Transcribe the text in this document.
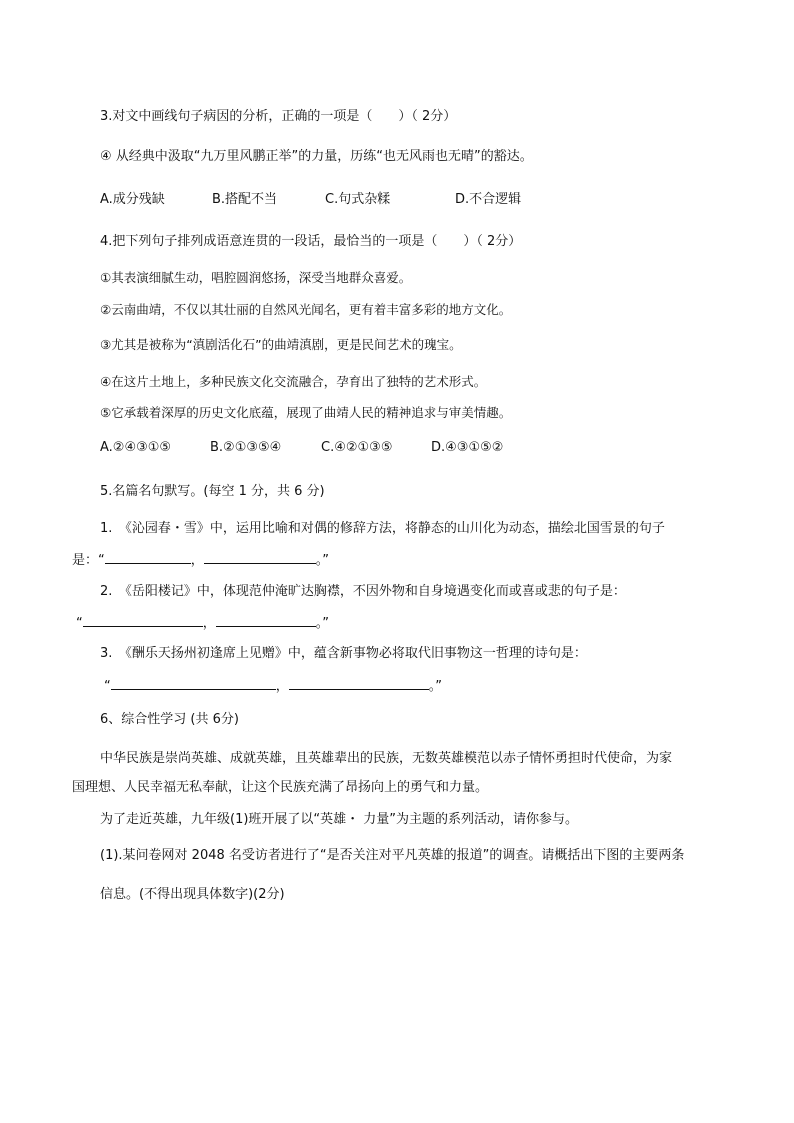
3.对文中画线句子病因的分析，正确的一项是（　　）（ 2分）
④ 从经典中汲取“九万里风鹏正举”的力量，历练“也无风雨也无晴”的豁达。
A.成分残缺	B.搭配不当	C.句式杂糅	D.不合逻辑
4.把下列句子排列成语意连贯的一段话，最恰当的一项是（　　）（ 2分）
①其表演细腻生动，唱腔圆润悠扬，深受当地群众喜爱。
②云南曲靖，不仅以其壮丽的自然风光闻名，更有着丰富多彩的地方文化。
③尤其是被称为“滇剧活化石”的曲靖滇剧，更是民间艺术的瑰宝。
④在这片土地上，多种民族文化交流融合，孕育出了独特的艺术形式。
⑤它承载着深厚的历史文化底蕴，展现了曲靖人民的精神追求与审美情趣。
A.②④③①⑤	B.②①③⑤④	C.④②①③⑤	D.④③①⑤②
5.名篇名句默写。(每空 1 分，共 6 分)
1.　《沁园春・雪》中，运用比喻和对偶的修辞方法，将静态的山川化为动态，描绘北国雪景的句子
是：“	，	。”
2.　《岳阳楼记》中，体现范仲淹旷达胸襟，不因外物和自身境遇变化而或喜或悲的句子是：
“	，	。”
3.　《酬乐天扬州初逢席上见赠》中，蕴含新事物必将取代旧事物这一哲理的诗句是：
“	，	。”
6、综合性学习 (共 6分)
中华民族是崇尚英雄、成就英雄，且英雄辈出的民族，无数英雄模范以赤子情怀勇担时代使命，为家
国理想、人民幸福无私奉献，让这个民族充满了昂扬向上的勇气和力量。
为了走近英雄，九年级(1)班开展了以“英雄・ 力量”为主题的系列活动，请你参与。
(1).某问卷网对 2048 名受访者进行了“是否关注对平凡英雄的报道”的调查。请概括出下图的主要两条
信息。(不得出现具体数字)(2分)
